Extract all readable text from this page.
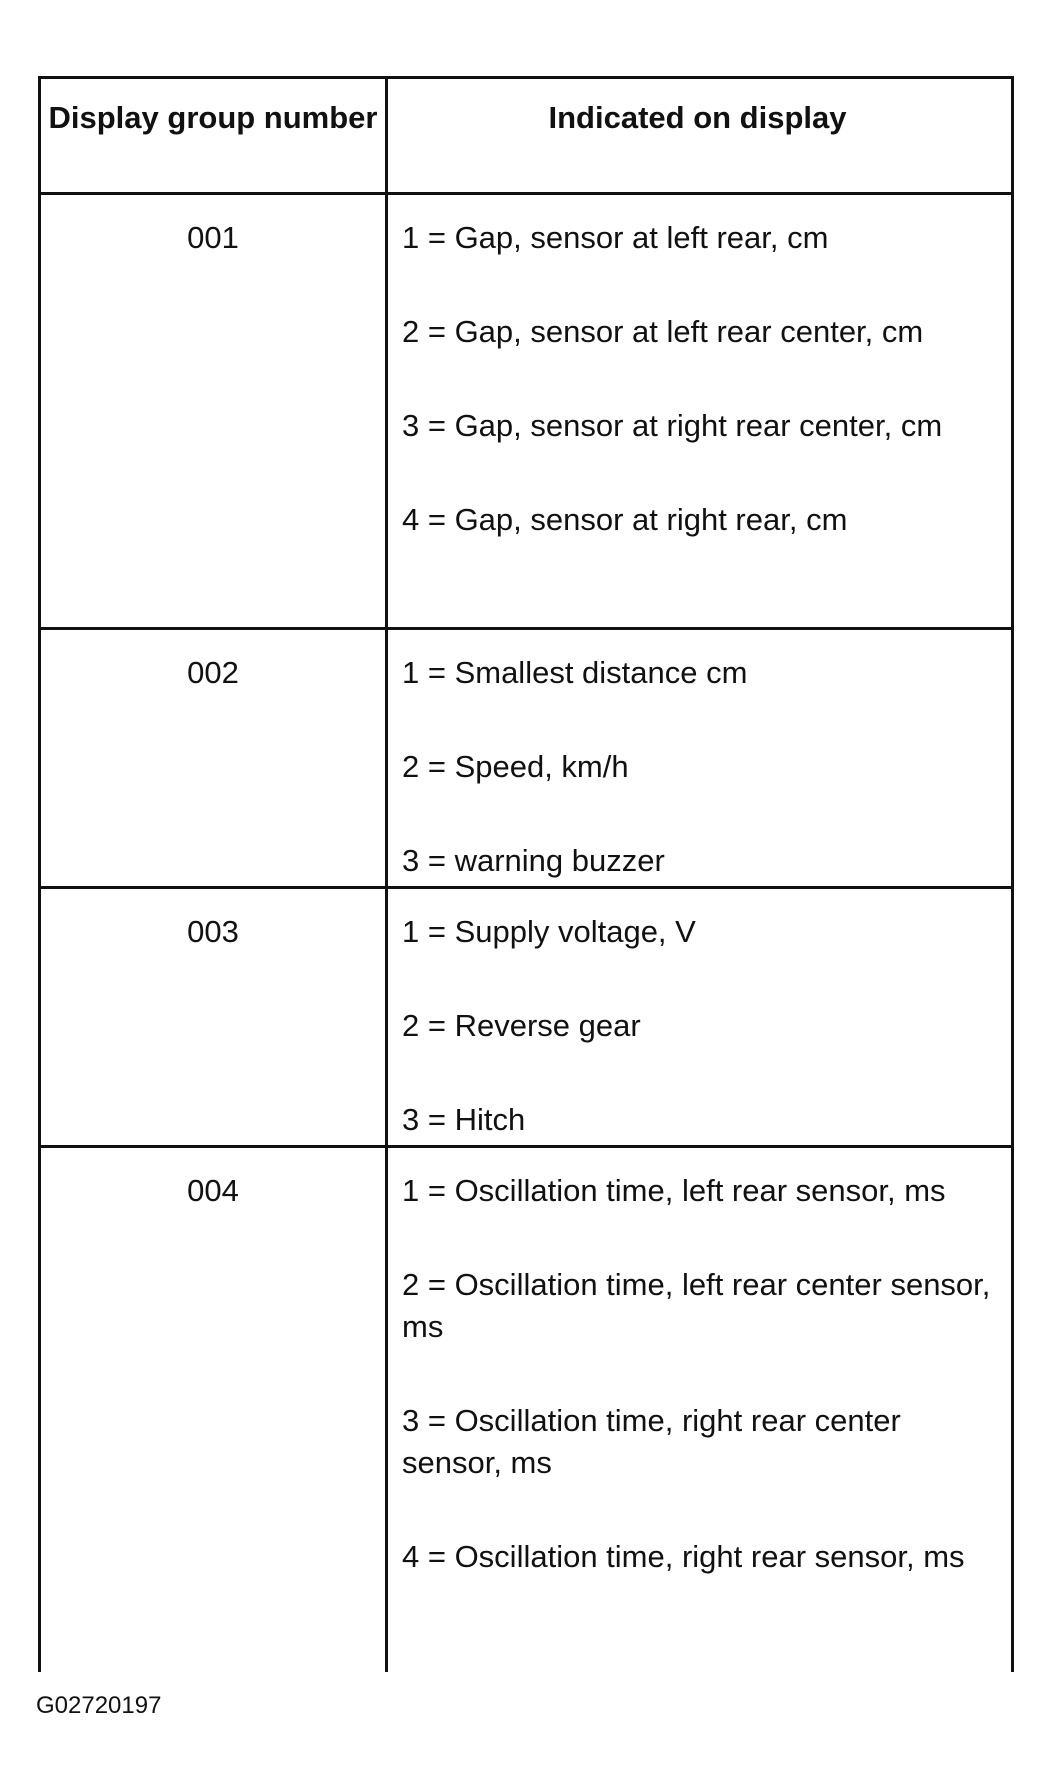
Display group number	Indicated on display
001	1 = Gap, sensor at left rear, cm
2 = Gap, sensor at left rear center, cm
3 = Gap, sensor at right rear center, cm
4 = Gap, sensor at right rear, cm
002	1 = Smallest distance cm
2 = Speed, km/h
3 = warning buzzer
003	1 = Supply voltage, V
2 = Reverse gear
3 = Hitch
004	1 = Oscillation time, left rear sensor, ms
2 = Oscillation time, left rear center sensor, ms
3 = Oscillation time, right rear center sensor, ms
4 = Oscillation time, right rear sensor, ms
G02720197
